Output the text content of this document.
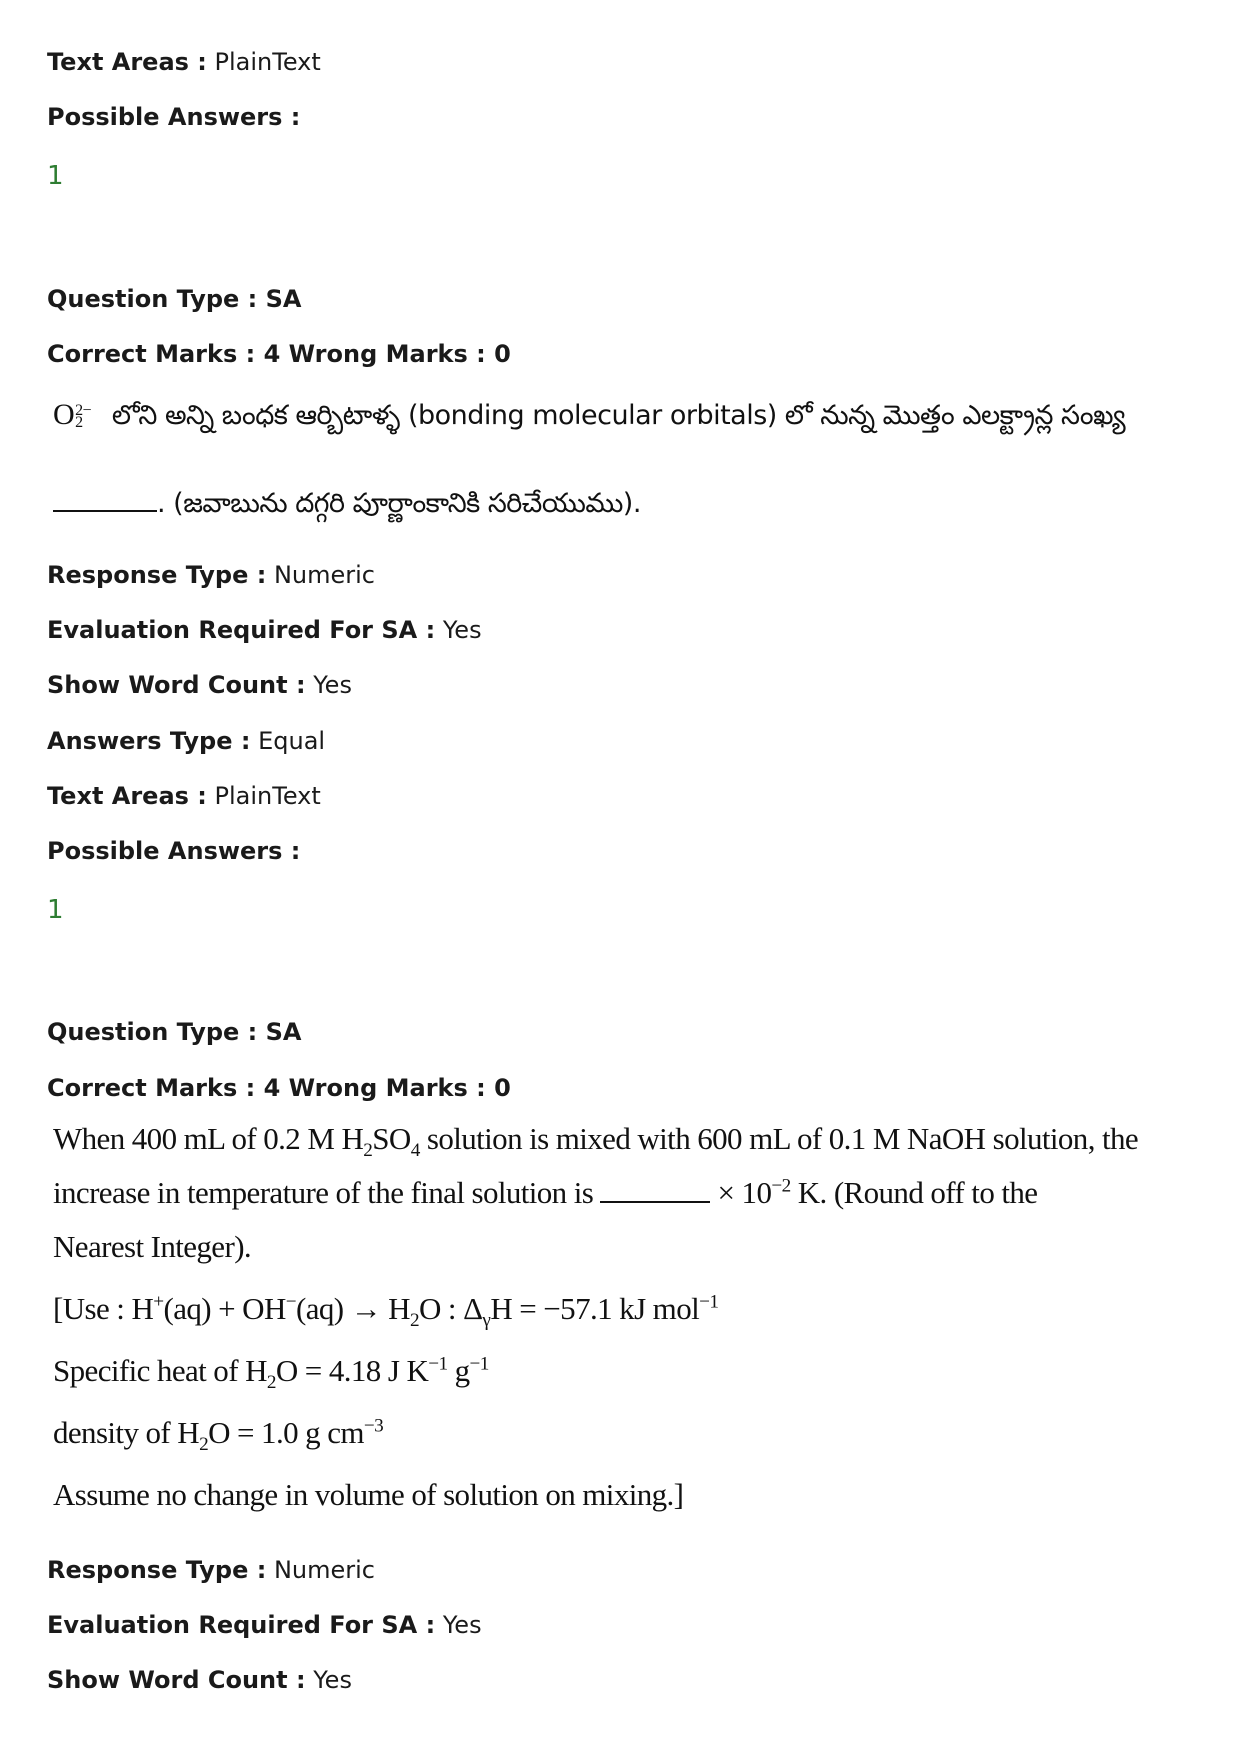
Text Areas : PlainText
Possible Answers :
1
Question Type : SA
Correct Marks : 4 Wrong Marks : 0
O 2−
2	లోని అన్ని బంధక ఆర్బిటాళ్ళ (bonding molecular orbitals) లో నున్న మొత్తం ఎలక్ట్రాన్ల సంఖ్య
. (జవాబును దగ్గరి పూర్ణాంకానికి సరిచేయుము).
Response Type : Numeric
Evaluation Required For SA : Yes
Show Word Count : Yes
Answers Type : Equal
Text Areas : PlainText
Possible Answers :
1
Question Type : SA
Correct Marks : 4 Wrong Marks : 0
When 400 mL of 0.2 M $H_2SO_4$ solution is mixed with 600 mL of 0.1 M NaOH solution, the
increase in temperature of the final solution is	× $10^{-2}$ K. (Round off to the
Nearest Integer).
[Use : $H^+(aq) + OH^-(aq) \to H_2O$ : $\Delta_\gamma H = -57.1$ kJ mol$^{-1}$
Specific heat of $H_2O = 4.18$ J $K^{-1}$ $g^{-1}$
density of $H_2O = 1.0$ g $cm^{-3}$
Assume no change in volume of solution on mixing.]
Response Type : Numeric
Evaluation Required For SA : Yes
Show Word Count : Yes
